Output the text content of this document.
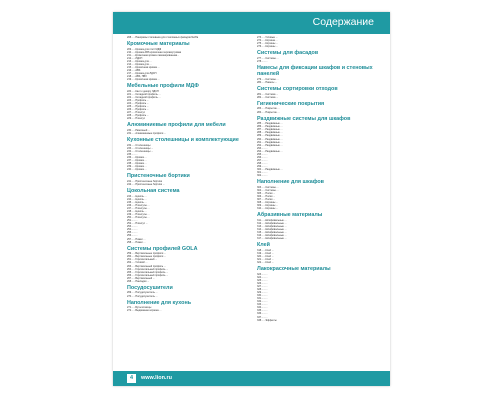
Содержание
208......Панорамы сталевыка для стеклянных фасадов NePla
Кромочные материалы
209......Кромка для плит МДФ
210......Кромка ABS кромочная перламутровая
211......Кромочная кромка ламинированная...
212......ЛДСП
213......Кромка для ...
214......Кромка для ...
215......Кромочная кромка ...
216......ABS
217......Кромка для ЛДСП
218......ABS, ПВХ
219......Кромочная кромка ...
Мебельные профили МДФ
220......Кант к декору ЛДСП
221......Складной профиль ...
222......Складной профиль ...
223......Профиль ...
224......Профиль ...
225......Профиль ...
226......Профиль ...
227......Плинтус
228......Профиль ...
229......Плинтус
Алюминиевые профили для мебели
230......Рамочный ...
231......Алюминиевые профили ...
Кухонные столешницы и комплектующие
232......Столешницы
233......Столешницы ...
234......Столешницы ...
235.........
236......Кромка ...
237......Кромка ...
238......Кромка ...
239......Кромка ...
240......Кромка ...
Пристеночные бортики
241......Пристеночные бортики
242......Пристеночные бортики ...
Цокольная система
243......Цоколь ...
244......Цоколь ...
245......Цоколь ...
246......Плинтусы ...
247......Плинтусы ...
248......Цоколь ...
249......Плинтусы ...
250......Плинтусы ...
251.........
252......Плинтус ...
253.........
254.........
255.........
256.........
257......Ножки ...
258......Ножки ...
Системы профилей GOLA
259......Вертикальные профили ...
260......Вертикальные профили ...
261......Горизонтальный ...
262......Угловой ...
263......Вертикальный профиль ...
264......Горизонтальный профиль ...
265......Горизонтальный профиль ...
266......Горизонтальный профиль ...
267......Вертикальный ...
268......Накладки ...
Посудосушители
269......Посудосушитель ...
270......Посудосушитель ...
Наполнение для кухонь
271......Бутылочницы
272......Выдвижная корзина ...
273......Угловые ...
274......Корзина ...
275......Корзины ...
276......Корзины ...
Системы для фасадов
277......Системы ...
278.........
Навесы для фиксации шкафов и стеновых панелей
279......Системы ...
280......Навесы ...
Системы сортировки отходов
281......Система ...
282......Система ...
Гигиенические покрытия
283......Покрытие ...
284......Покрытие ...
Раздвижные системы для шкафов
285......Раздвижные ...
286......Раздвижные ...
287......Раздвижные ...
288......Раздвижные ...
289......Раздвижные ...
290......Раздвижные ...
291......Раздвижные ...
292......Раздвижные ...
293.........
294......Раздвижные ...
295.........
296.........
297.........
298.........
299.........
300......Раздвижные ...
301.........
302.........
Наполнение для шкафов
303......Системы ...
304......Системы ...
305......Полки ...
306......Полки ...
307......Полки ...
308......Корзины ...
309......Корзины ...
310......Корзины ...
Абразивные материалы
311......Шлифовальные ...
312......Шлифовальные ...
313......Шлифовальные ...
314......Шлифовальные ...
315......Шлифовальные ...
316......Шлифовальные ...
317......Шлифовальные ...
Клей
318......Клей ...
319......Клей ...
320......Клей ...
321......Клей ...
322......Клей ...
Лакокрасочные материалы
323.........
324.........
325.........
326.........
327.........
328.........
329.........
330.........
331.........
332.........
333.........
334.........
335.........
336.........
337.........
338......Эффекты
4	www.lion.ru
